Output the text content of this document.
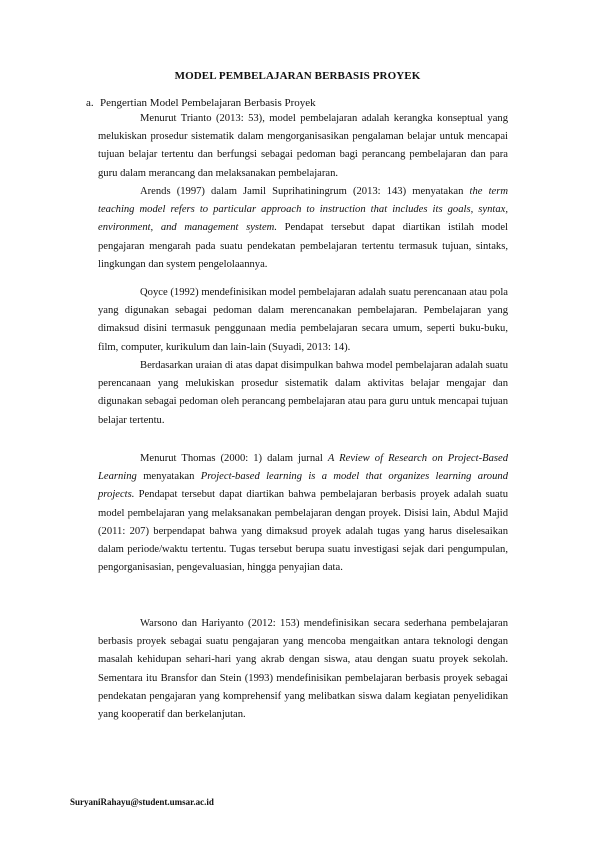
MODEL PEMBELAJARAN BERBASIS PROYEK
a. Pengertian Model Pembelajaran Berbasis Proyek

Menurut Trianto (2013: 53), model pembelajaran adalah kerangka konseptual yang melukiskan prosedur sistematik dalam mengorganisasikan pengalaman belajar untuk mencapai tujuan belajar tertentu dan berfungsi sebagai pedoman bagi perancang pembelajaran dan para guru dalam merancang dan melaksanakan pembelajaran.

Arends (1997) dalam Jamil Suprihatiningrum (2013: 143) menyatakan the term teaching model refers to particular approach to instruction that includes its goals, syntax, environment, and management system. Pendapat tersebut dapat diartikan istilah model pengajaran mengarah pada suatu pendekatan pembelajaran tertentu termasuk tujuan, sintaks, lingkungan dan system pengelolaannya.

Qoyce (1992) mendefinisikan model pembelajaran adalah suatu perencanaan atau pola yang digunakan sebagai pedoman dalam merencanakan pembelajaran. Pembelajaran yang dimaksud disini termasuk penggunaan media pembelajaran secara umum, seperti buku-buku, film, computer, kurikulum dan lain-lain (Suyadi, 2013: 14).

Berdasarkan uraian di atas dapat disimpulkan bahwa model pembelajaran adalah suatu perencanaan yang melukiskan prosedur sistematik dalam aktivitas belajar mengajar dan digunakan sebagai pedoman oleh perancang pembelajaran atau para guru untuk mencapai tujuan belajar tertentu.

Menurut Thomas (2000: 1) dalam jurnal A Review of Research on Project-Based Learning menyatakan Project-based learning is a model that organizes learning around projects. Pendapat tersebut dapat diartikan bahwa pembelajaran berbasis proyek adalah suatu model pembelajaran yang melaksanakan pembelajaran dengan proyek. Disisi lain, Abdul Majid (2011: 207) berpendapat bahwa yang dimaksud proyek adalah tugas yang harus diselesaikan dalam periode/waktu tertentu. Tugas tersebut berupa suatu investigasi sejak dari pengumpulan, pengorganisasian, pengevaluasian, hingga penyajian data.

Warsono dan Hariyanto (2012: 153) mendefinisikan secara sederhana pembelajaran berbasis proyek sebagai suatu pengajaran yang mencoba mengaitkan antara teknologi dengan masalah kehidupan sehari-hari yang akrab dengan siswa, atau dengan suatu proyek sekolah. Sementara itu Bransfor dan Stein (1993) mendefinisikan pembelajaran berbasis proyek sebagai pendekatan pengajaran yang komprehensif yang melibatkan siswa dalam kegiatan penyelidikan yang kooperatif dan berkelanjutan.

SuryaniRahayu@student.umsar.ac.id
